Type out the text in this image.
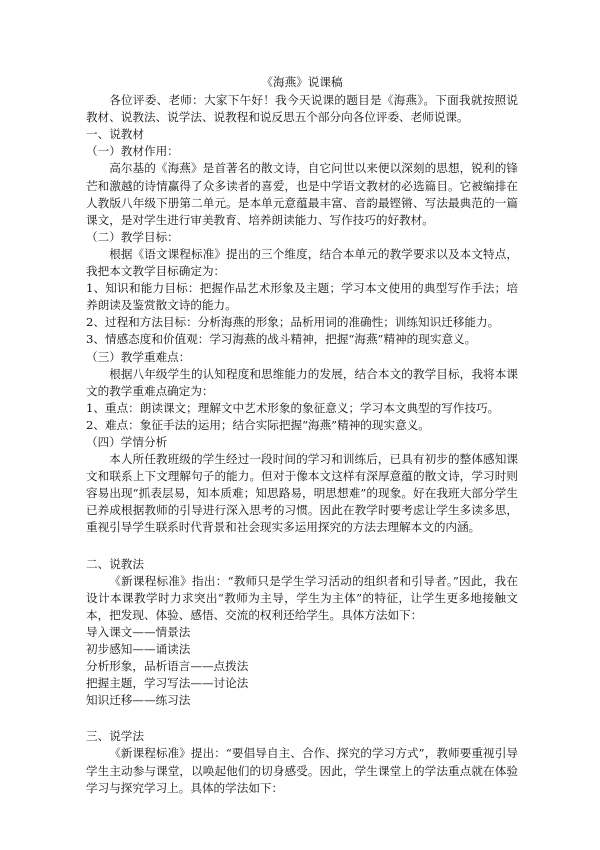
《海燕》说课稿

各位评委、老师：大家下午好！我今天说课的题目是《海燕》。下面我就按照说教材、说教法、说学法、说教程和说反思五个部分向各位评委、老师说课。

一、说教材
（一）教材作用：

高尔基的《海燕》是首著名的散文诗，自它问世以来便以深刻的思想，锐利的锋芒和激越的诗情赢得了众多读者的喜爱，也是中学语文教材的必选篇目。它被编排在人教版八年级下册第二单元。是本单元意蕴最丰富、音韵最铿锵、写法最典范的一篇课文，是对学生进行审美教育、培养朗读能力、写作技巧的好教材。

（二）教学目标：

根据《语文课程标准》提出的三个维度，结合本单元的教学要求以及本文特点，我把本文教学目标确定为：

1、知识和能力目标：把握作品艺术形象及主题；学习本文使用的典型写作手法；培养朗读及鉴赏散文诗的能力。

2、过程和方法目标：分析海燕的形象；品析用词的准确性；训练知识迁移能力。

3、情感态度和价值观：学习海燕的战斗精神，把握“海燕”精神的现实意义。

（三）教学重难点：

根据八年级学生的认知程度和思维能力的发展，结合本文的教学目标，我将本课文的教学重难点确定为：

1、重点：朗读课文；理解文中艺术形象的象征意义；学习本文典型的写作技巧。

2、难点：象征手法的运用；结合实际把握“海燕”精神的现实意义。

（四）学情分析

本人所任教班级的学生经过一段时间的学习和训练后，已具有初步的整体感知课文和联系上下文理解句子的能力。但对于像本文这样有深厚意蕴的散文诗，学习时则容易出现“抓表层易，知本质难；知思路易，明思想难”的现象。好在我班大部分学生已养成根据教师的引导进行深入思考的习惯。因此在教学时要考虑让学生多读多思，重视引导学生联系时代背景和社会现实多运用探究的方法去理解本文的内涵。

二、说教法

《新课程标准》指出：“教师只是学生学习活动的组织者和引导者。”因此，我在设计本课教学时力求突出“教师为主导，学生为主体”的特征，让学生更多地接触文本，把发现、体验、感悟、交流的权利还给学生。具体方法如下：

导入课文——情景法
初步感知——诵读法
分析形象，品析语言——点拨法
把握主题，学习写法——讨论法
知识迁移——练习法
三、说学法

《新课程标准》提出：“要倡导自主、合作、探究的学习方式”，教师要重视引导学生主动参与课堂，以唤起他们的切身感受。因此，学生课堂上的学法重点就在体验学习与探究学习上。具体的学法如下：
